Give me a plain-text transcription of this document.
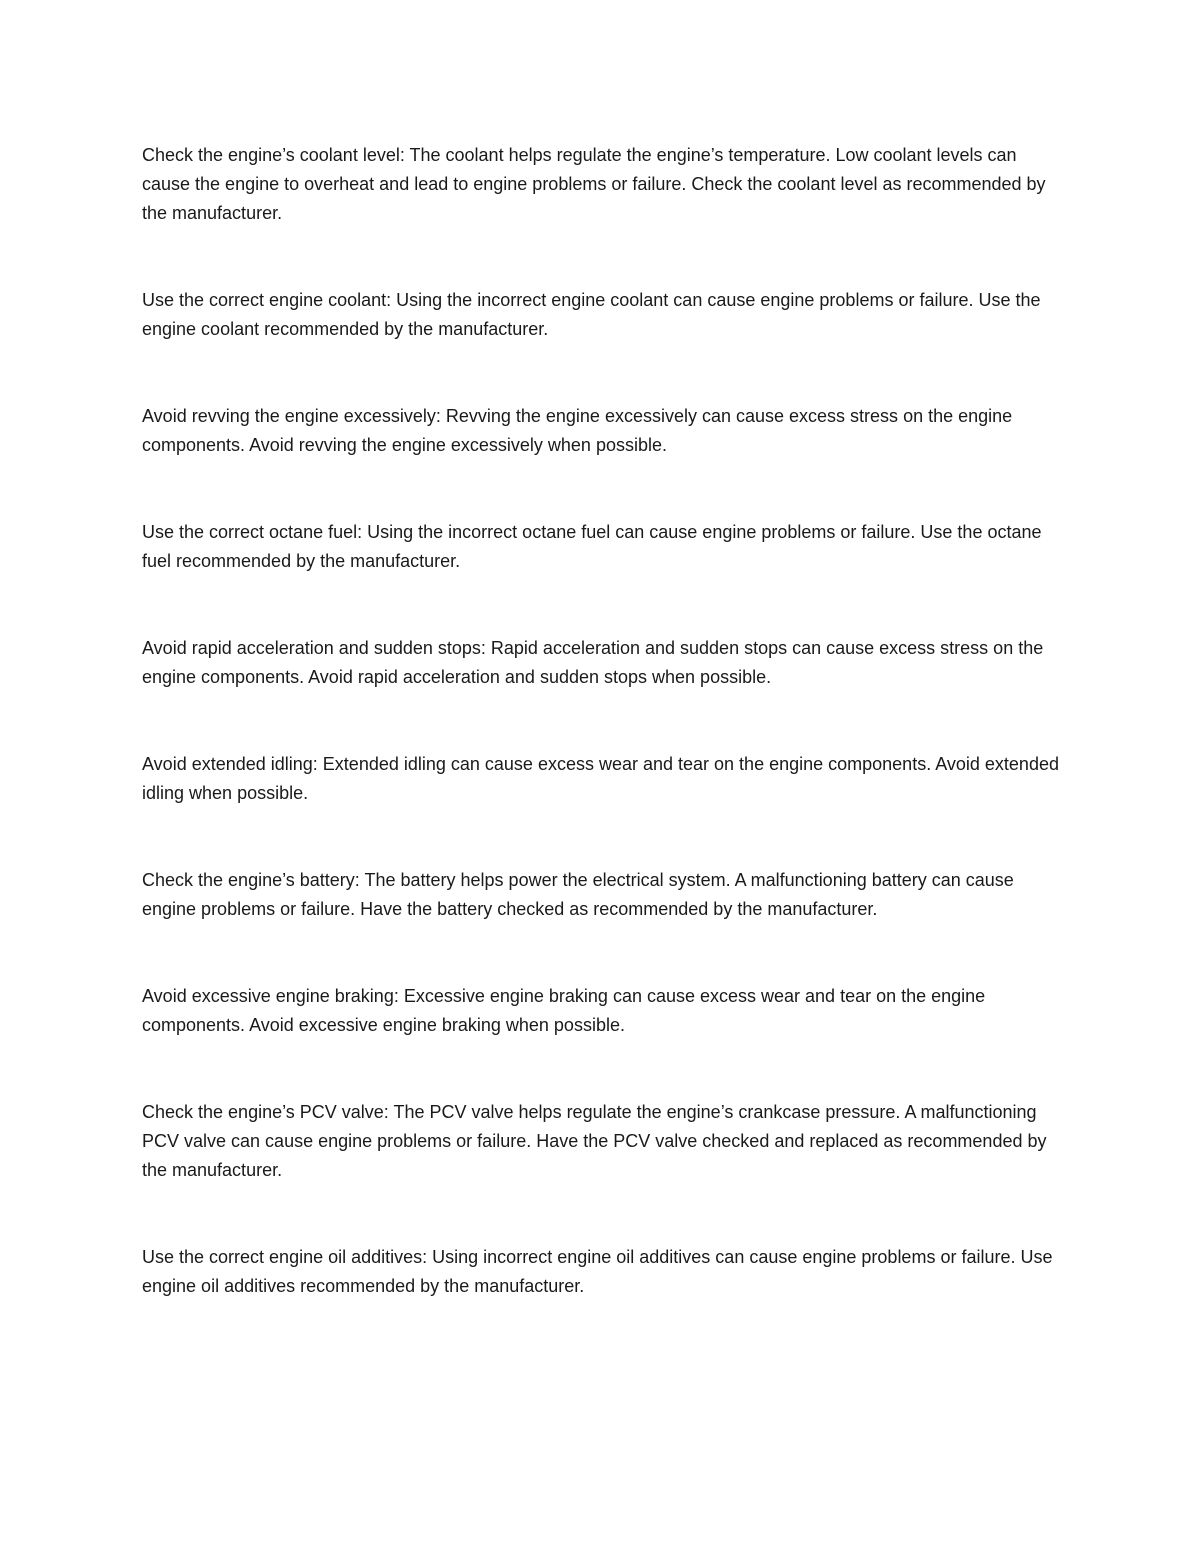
Check the engine’s coolant level: The coolant helps regulate the engine’s temperature. Low coolant levels can cause the engine to overheat and lead to engine problems or failure. Check the coolant level as recommended by the manufacturer.

Use the correct engine coolant: Using the incorrect engine coolant can cause engine problems or failure. Use the engine coolant recommended by the manufacturer.

Avoid revving the engine excessively: Revving the engine excessively can cause excess stress on the engine components. Avoid revving the engine excessively when possible.

Use the correct octane fuel: Using the incorrect octane fuel can cause engine problems or failure. Use the octane fuel recommended by the manufacturer.

Avoid rapid acceleration and sudden stops: Rapid acceleration and sudden stops can cause excess stress on the engine components. Avoid rapid acceleration and sudden stops when possible.

Avoid extended idling: Extended idling can cause excess wear and tear on the engine components. Avoid extended idling when possible.

Check the engine’s battery: The battery helps power the electrical system. A malfunctioning battery can cause engine problems or failure. Have the battery checked as recommended by the manufacturer.

Avoid excessive engine braking: Excessive engine braking can cause excess wear and tear on the engine components. Avoid excessive engine braking when possible.

Check the engine’s PCV valve: The PCV valve helps regulate the engine’s crankcase pressure. A malfunctioning PCV valve can cause engine problems or failure. Have the PCV valve checked and replaced as recommended by the manufacturer.

Use the correct engine oil additives: Using incorrect engine oil additives can cause engine problems or failure. Use engine oil additives recommended by the manufacturer.
